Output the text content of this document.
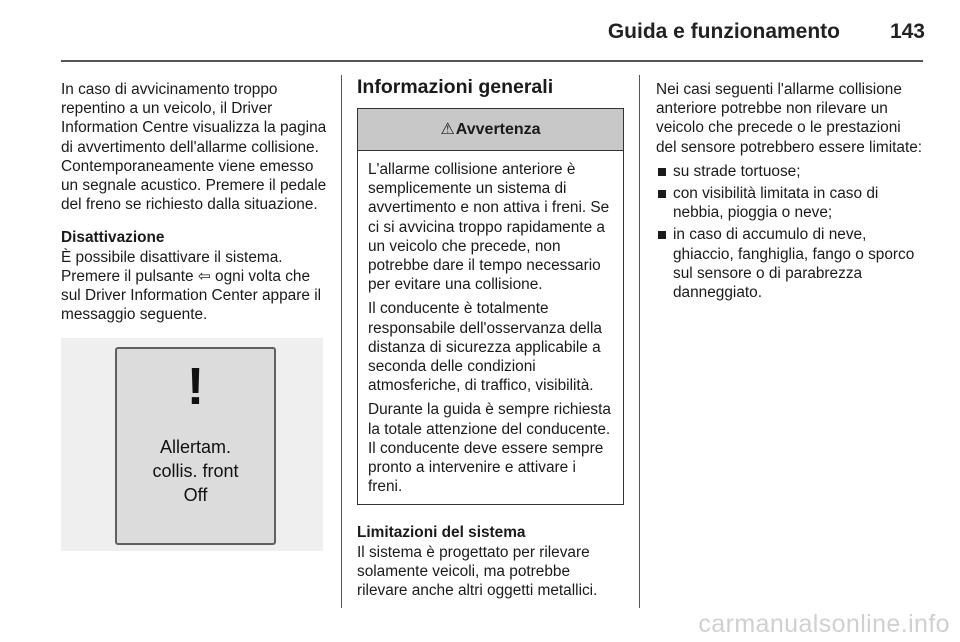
Guida e funzionamento	143

In caso di avvicinamento troppo repentino a un veicolo, il Driver Information Centre visualizza la pagina di avvertimento dell'allarme collisione. Contemporaneamente viene emesso un segnale acustico. Premere il pedale del freno se richiesto dalla situazione.

Disattivazione

È possibile disattivare il sistema. Premere il pulsante ⇦ ogni volta che sul Driver Information Center appare il messaggio seguente.

!
Allertam.
collis. front
Off
Informazioni generali
⚠ Avvertenza

L'allarme collisione anteriore è semplicemente un sistema di avvertimento e non attiva i freni. Se ci si avvicina troppo rapidamente a un veicolo che precede, non potrebbe dare il tempo necessario per evitare una collisione.

Il conducente è totalmente responsabile dell'osservanza della distanza di sicurezza applicabile a seconda delle condizioni atmosferiche, di traffico, visibilità.

Durante la guida è sempre richiesta la totale attenzione del conducente. Il conducente deve essere sempre pronto a intervenire e attivare i freni.

Limitazioni del sistema

Il sistema è progettato per rilevare solamente veicoli, ma potrebbe rilevare anche altri oggetti metallici.

Nei casi seguenti l'allarme collisione anteriore potrebbe non rilevare un veicolo che precede o le prestazioni del sensore potrebbero essere limitate:

su strade tortuose;
con visibilità limitata in caso di nebbia, pioggia o neve;
in caso di accumulo di neve, ghiaccio, fanghiglia, fango o sporco sul sensore o di parabrezza danneggiato.
carmanualsonline.info
